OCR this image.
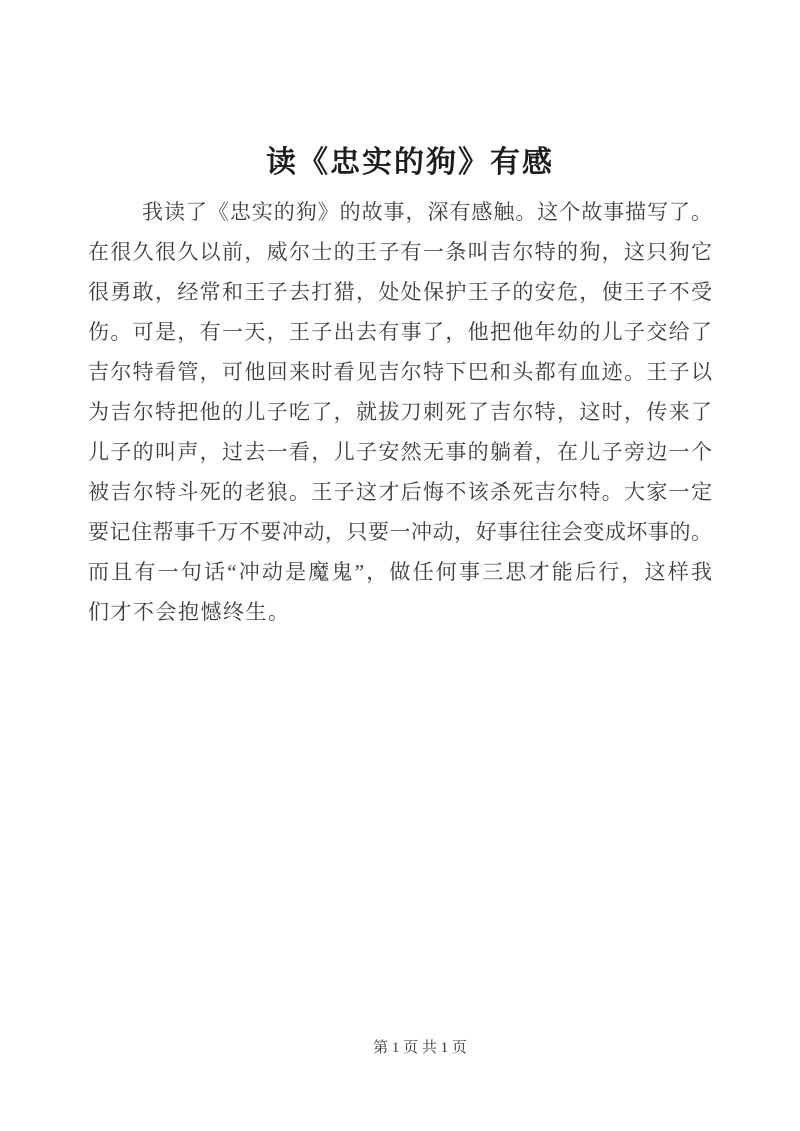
读《忠实的狗》有感
我读了《忠实的狗》的故事，深有感触。这个故事描写了。
在很久很久以前，威尔士的王子有一条叫吉尔特的狗，这只狗它
很勇敢，经常和王子去打猎，处处保护王子的安危，使王子不受
伤。可是，有一天，王子出去有事了，他把他年幼的儿子交给了
吉尔特看管，可他回来时看见吉尔特下巴和头都有血迹。王子以
为吉尔特把他的儿子吃了，就拔刀刺死了吉尔特，这时，传来了
儿子的叫声，过去一看，儿子安然无事的躺着，在儿子旁边一个
被吉尔特斗死的老狼。王子这才后悔不该杀死吉尔特。大家一定
要记住帮事千万不要冲动，只要一冲动，好事往往会变成坏事的。
而且有一句话“冲动是魔鬼”，做任何事三思才能后行，这样我
们才不会抱憾终生。
第 1 页 共 1 页
